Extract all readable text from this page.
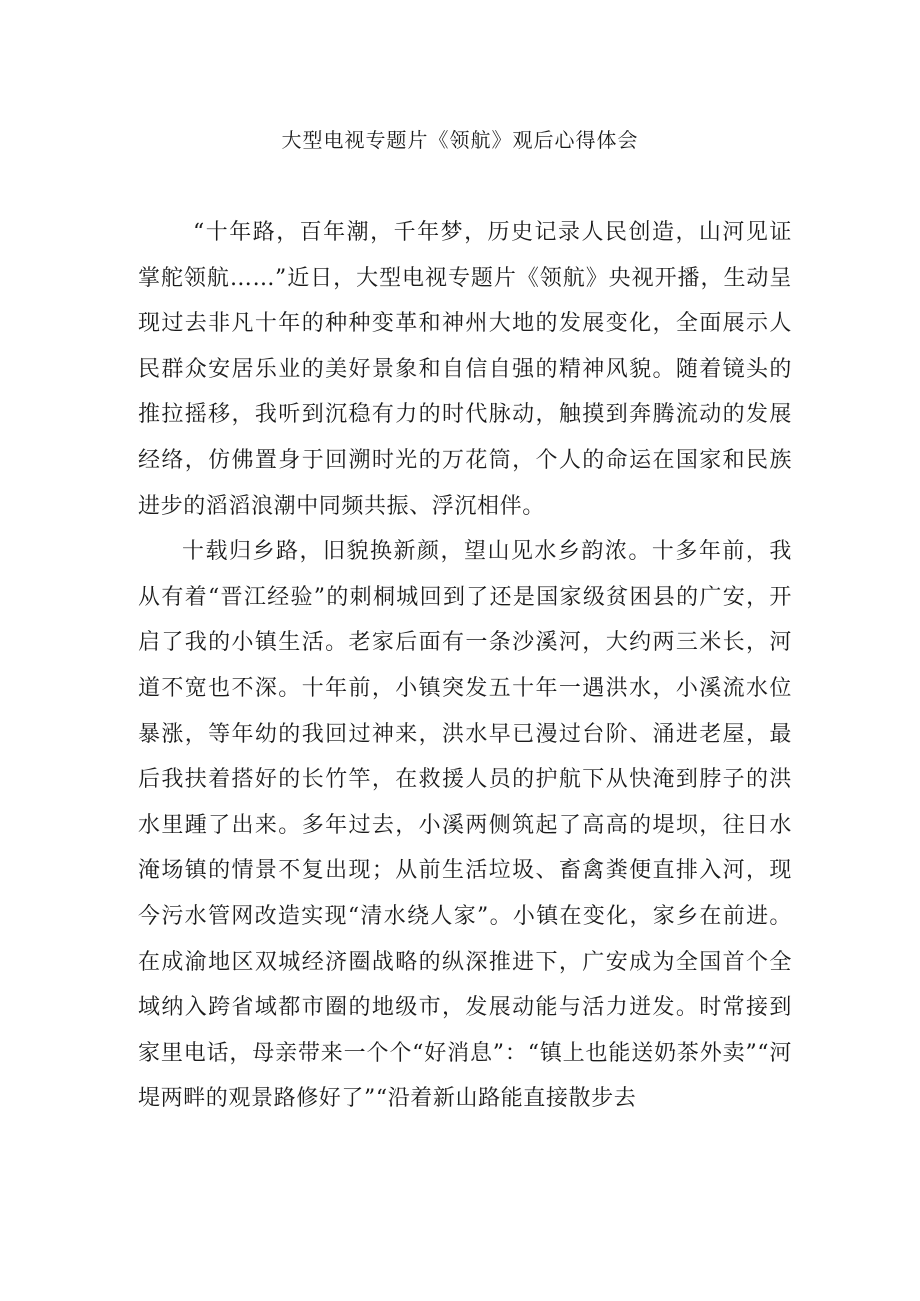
大型电视专题片《领航》观后心得体会

“十年路，百年潮，千年梦，历史记录人民创造，山河见证掌舵领航……”近日，大型电视专题片《领航》央视开播，生动呈现过去非凡十年的种种变革和神州大地的发展变化，全面展示人民群众安居乐业的美好景象和自信自强的精神风貌。随着镜头的推拉摇移，我听到沉稳有力的时代脉动，触摸到奔腾流动的发展经络，仿佛置身于回溯时光的万花筒，个人的命运在国家和民族进步的滔滔浪潮中同频共振、浮沉相伴。

十载归乡路，旧貌换新颜，望山见水乡韵浓。十多年前，我从有着“晋江经验”的刺桐城回到了还是国家级贫困县的广安，开启了我的小镇生活。老家后面有一条沙溪河，大约两三米长，河道不宽也不深。十年前，小镇突发五十年一遇洪水，小溪流水位暴涨，等年幼的我回过神来，洪水早已漫过台阶、涌进老屋，最后我扶着搭好的长竹竿，在救援人员的护航下从快淹到脖子的洪水里踵了出来。多年过去，小溪两侧筑起了高高的堤坝，往日水淹场镇的情景不复出现；从前生活垃圾、畜禽粪便直排入河，现今污水管网改造实现“清水绕人家”。小镇在变化，家乡在前进。在成渝地区双城经济圈战略的纵深推进下，广安成为全国首个全域纳入跨省域都市圈的地级市，发展动能与活力迸发。时常接到家里电话，母亲带来一个个“好消息”：“镇上也能送奶茶外卖”“河堤两畔的观景路修好了”“沿着新山路能直接散步去
